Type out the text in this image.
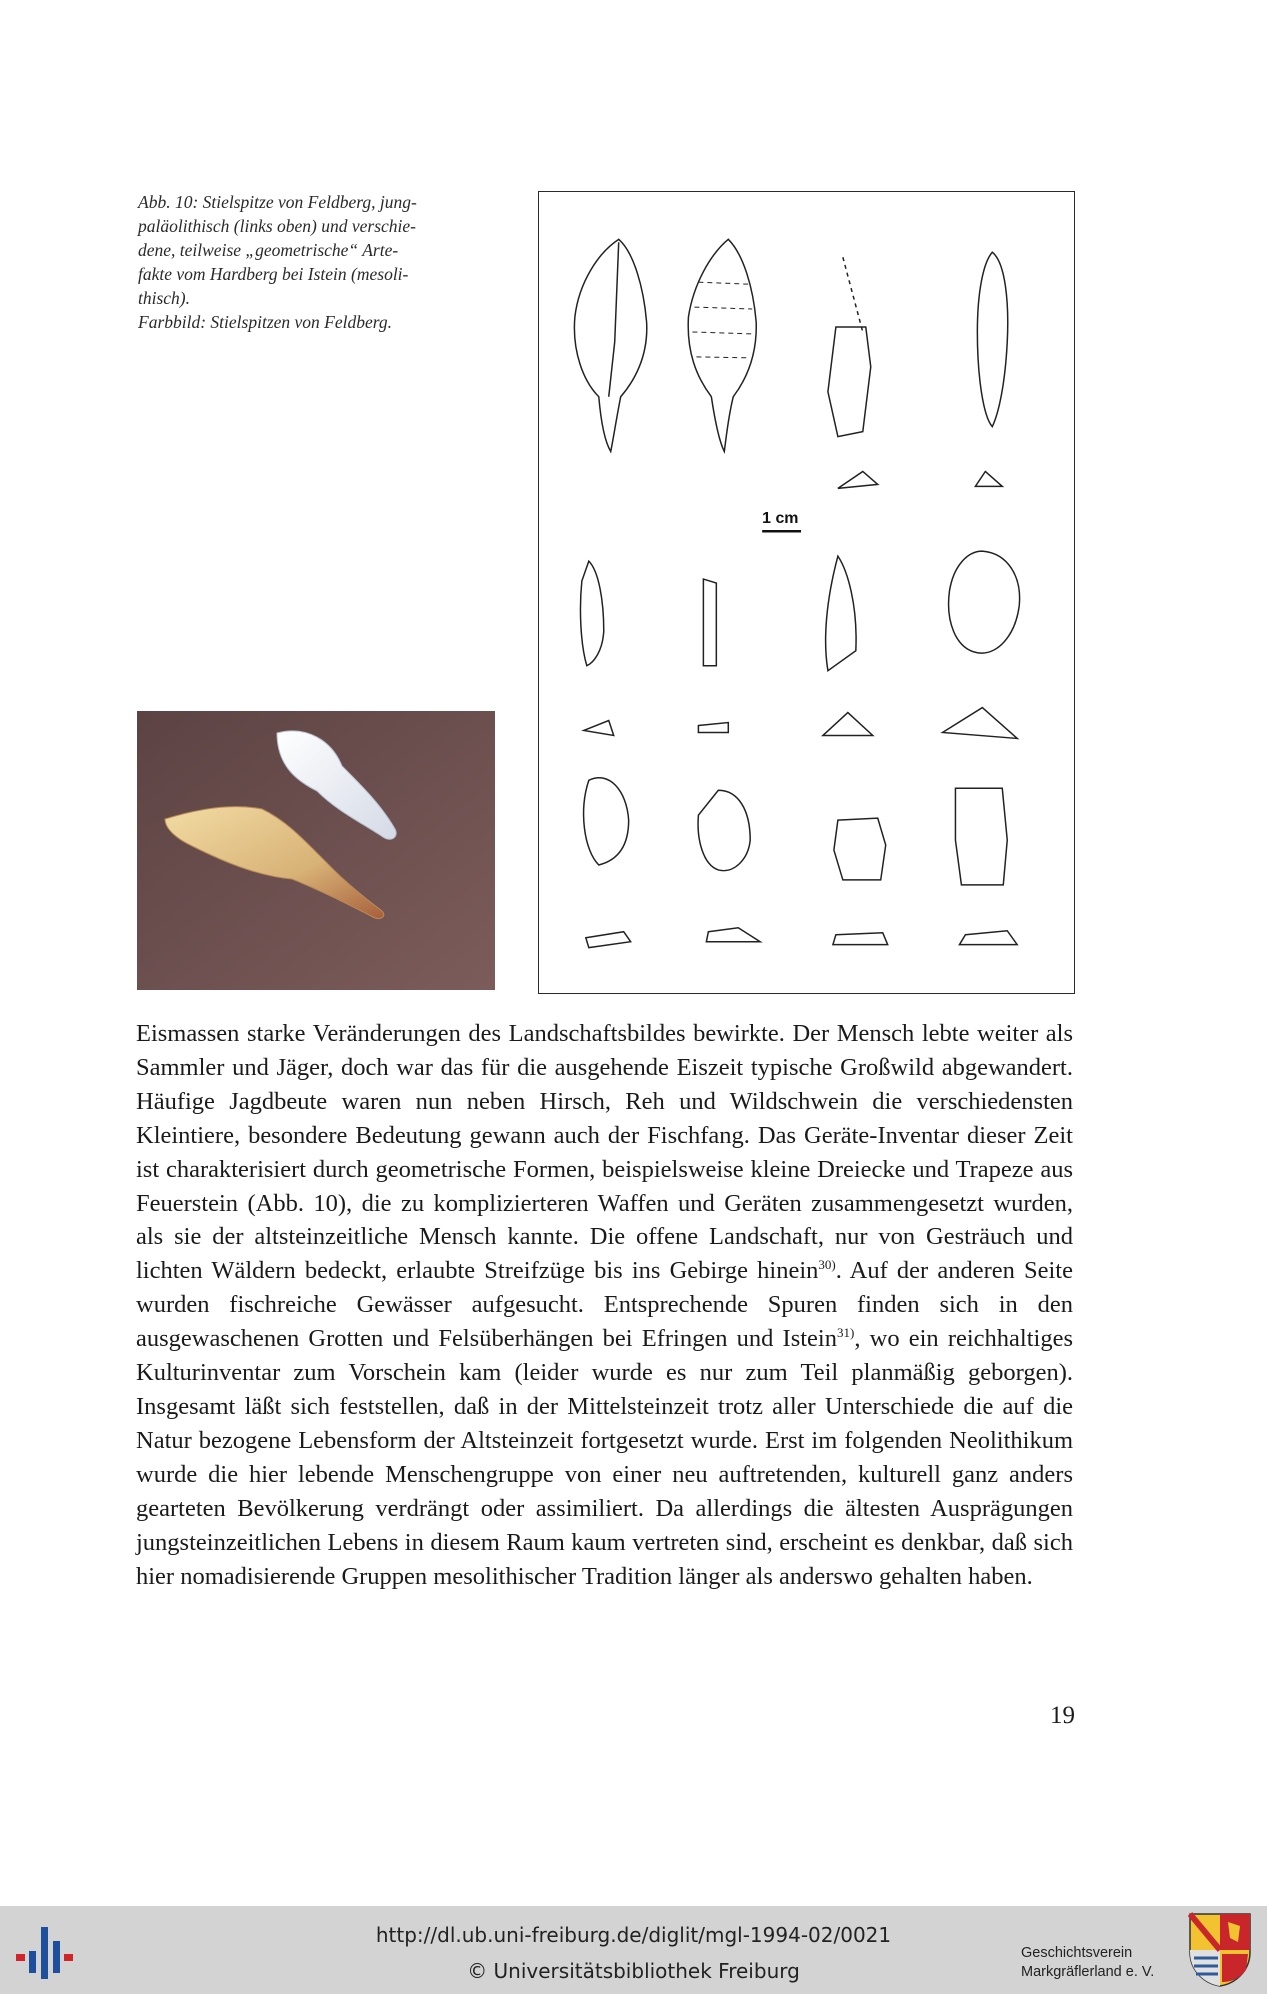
Abb. 10: Stielspitze von Feldberg, jung-

paläolithisch (links oben) und verschie-

dene, teilweise „geometrische“ Arte-

fakte vom Hardberg bei Istein (mesoli-

thisch).

Farbbild: Stielspitzen von Feldberg.

1 cm

Eismassen starke Veränderungen des Landschaftsbildes bewirkte. Der Mensch lebte weiter als Sammler und Jäger, doch war das für die ausgehende Eiszeit typische Großwild abgewandert. Häufige Jagdbeute waren nun neben Hirsch, Reh und Wildschwein die verschiedensten Kleintiere, besondere Bedeutung gewann auch der Fischfang. Das Geräte-Inventar dieser Zeit ist charakterisiert durch geometrische Formen, beispielsweise kleine Dreiecke und Trapeze aus Feuerstein (Abb. 10), die zu komplizierteren Waffen und Geräten zusammengesetzt wurden, als sie der altsteinzeitliche Mensch kannte. Die offene Landschaft, nur von Gesträuch und lichten Wäldern bedeckt, erlaubte Streifzüge bis ins Gebirge hinein$^{30)}$. Auf der anderen Seite wurden fischreiche Gewässer aufgesucht. Entsprechende Spuren finden sich in den ausgewaschenen Grotten und Felsüberhängen bei Efringen und Istein$^{31)}$, wo ein reichhaltiges Kulturinventar zum Vorschein kam (leider wurde es nur zum Teil planmäßig geborgen). Insgesamt läßt sich feststellen, daß in der Mittelsteinzeit trotz aller Unterschiede die auf die Natur bezogene Lebensform der Altsteinzeit fortgesetzt wurde. Erst im folgenden Neolithikum wurde die hier lebende Menschengruppe von einer neu auftretenden, kulturell ganz anders gearteten Bevölkerung verdrängt oder assimiliert. Da allerdings die ältesten Ausprägungen jungsteinzeitlichen Lebens in diesem Raum kaum vertreten sind, erscheint es denkbar, daß sich hier nomadisierende Gruppen mesolithischer Tradition länger als anderswo gehalten haben.

19
http://dl.ub.uni-freiburg.de/diglit/mgl-1994-02/0021
© Universitätsbibliothek Freiburg
Geschichtsverein
Markgräflerland e. V.
